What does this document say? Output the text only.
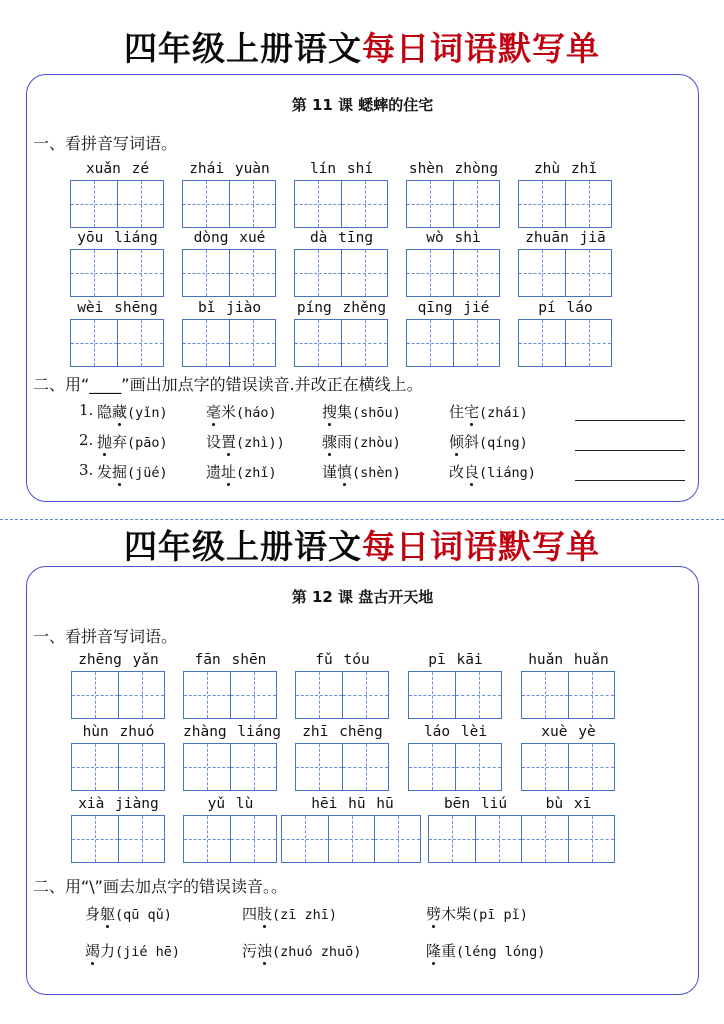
四年级上册语文每日词语默写单
第 11 课 蟋蟀的住宅
一、看拼音写词语。
xuǎn zé	zhái yuàn	lín shí	shèn zhòng	zhù zhǐ
yōu liáng	dòng xué	dà tīng	wò shì	zhuān jiā
wèi shēng	bǐ jiào	píng zhěng	qīng jié	pí láo
二、用“____”画出加点字的错误读音.并改正在横线上。
1. 隐藏(yǐn)	毫米(háo)	搜集(shōu)	住宅(zhái)
2. 抛弃(pāo)	设置(zhì)) 骤雨(zhòu)	倾斜(qíng)
3. 发掘(jüé)	遗址(zhǐ)	谨慎(shèn)	改良(liáng)
四年级上册语文每日词语默写单
第 12 课 盘古开天地
一、看拼音写词语。
zhēng yǎn	fān shēn	fǔ tóu	pī kāi	huǎn huǎn
hùn zhuó	zhàng liáng	zhī chēng	láo lèi	xuè yè
xià jiàng	yǔ lù	hēi hū hū	bēn liú	bù xī
二、用“\”画去加点字的错误读音。。
身躯(qū qǔ)	四肢(zī zhī)	劈木柴(pī pǐ)
竭力(jié hē)	污浊(zhuó zhuō)	隆重(léng lóng)
